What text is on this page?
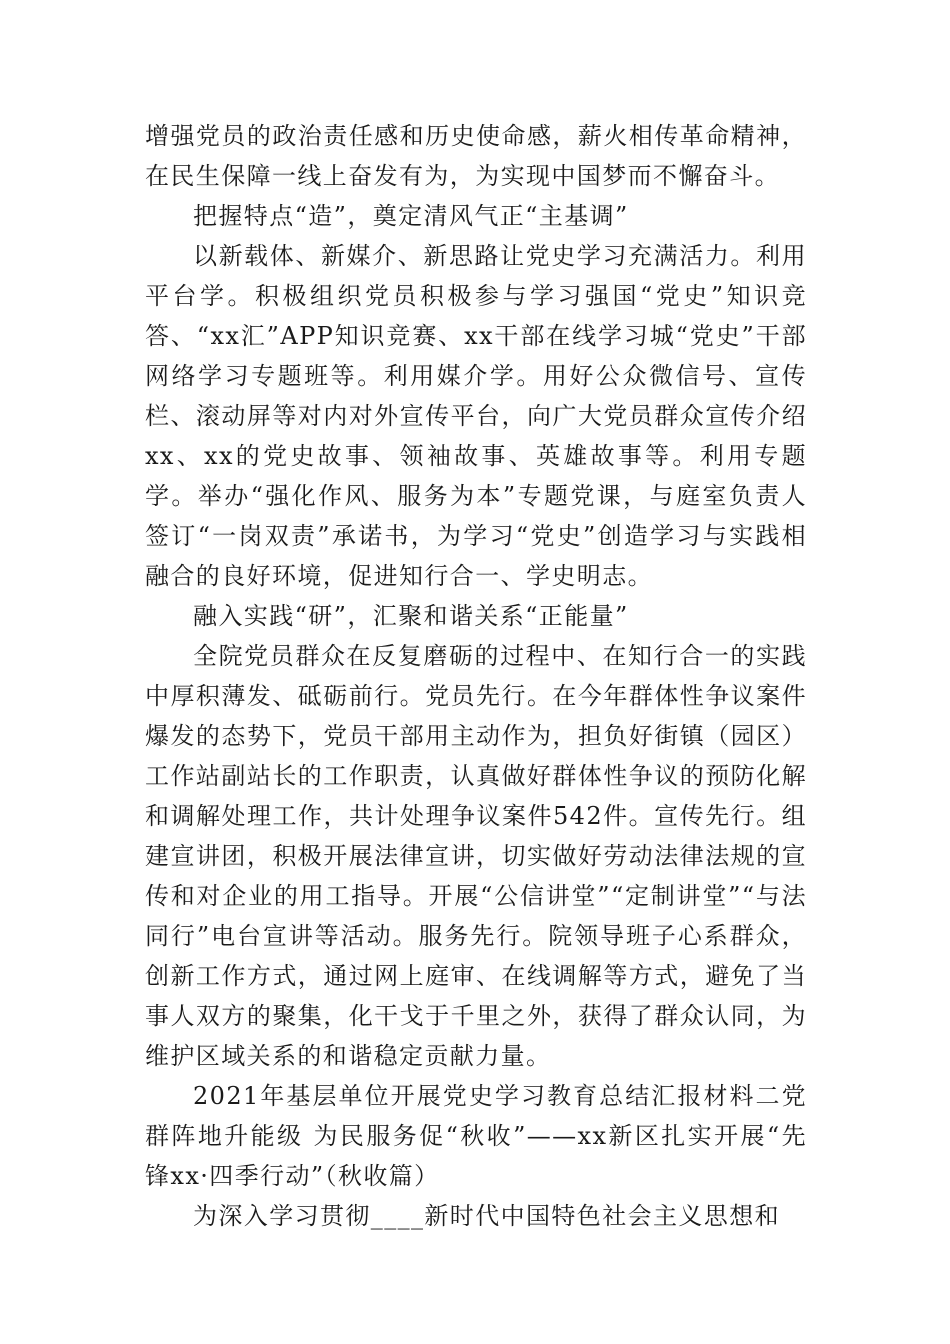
增强党员的政治责任感和历史使命感，薪火相传革命精神，在民生保障一线上奋发有为，为实现中国梦而不懈奋斗。

把握特点“造”，奠定清风气正“主基调”

以新载体、新媒介、新思路让党史学习充满活力。利用平台学。积极组织党员积极参与学习强国“党史”知识竞答、“xx汇”APP知识竞赛、xx干部在线学习城“党史”干部网络学习专题班等。利用媒介学。用好公众微信号、宣传栏、滚动屏等对内对外宣传平台，向广大党员群众宣传介绍xx、xx的党史故事、领袖故事、英雄故事等。利用专题学。举办“强化作风、服务为本”专题党课，与庭室负责人签订“一岗双责”承诺书，为学习“党史”创造学习与实践相融合的良好环境，促进知行合一、学史明志。

融入实践“研”，汇聚和谐关系“正能量”

全院党员群众在反复磨砺的过程中、在知行合一的实践中厚积薄发、砥砺前行。党员先行。在今年群体性争议案件爆发的态势下，党员干部用主动作为，担负好街镇（园区）工作站副站长的工作职责，认真做好群体性争议的预防化解和调解处理工作，共计处理争议案件542件。宣传先行。组建宣讲团，积极开展法律宣讲，切实做好劳动法律法规的宣传和对企业的用工指导。开展“公信讲堂”“定制讲堂”“与法同行”电台宣讲等活动。服务先行。院领导班子心系群众，创新工作方式，通过网上庭审、在线调解等方式，避免了当事人双方的聚集，化干戈于千里之外，获得了群众认同，为维护区域关系的和谐稳定贡献力量。

2021年基层单位开展党史学习教育总结汇报材料二党群阵地升能级 为民服务促“秋收”——xx新区扎实开展“先锋xx·四季行动”（秋收篇）

为深入学习贯彻____新时代中国特色社会主义思想和
